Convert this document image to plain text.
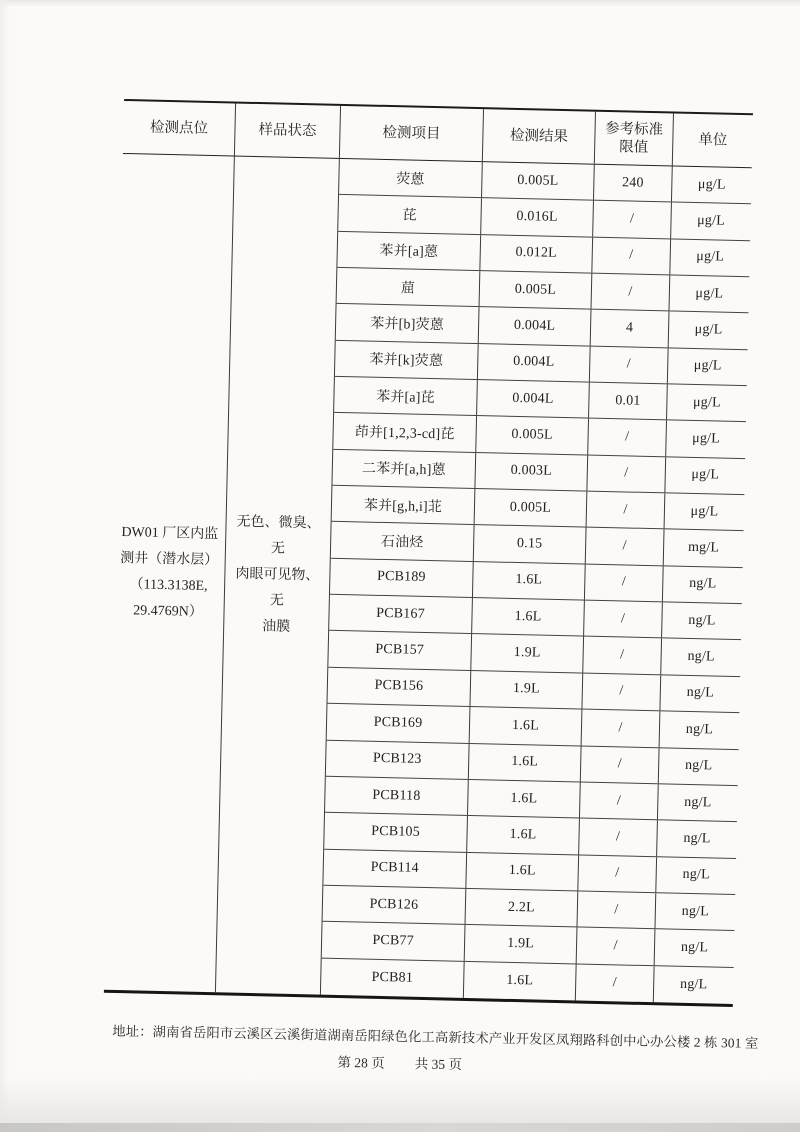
检测点位	样品状态	检测项目	检测结果	参考标准限值	单位
DW01 厂区内监
测井（潜水层）
（113.3138E,
29.4769N）
无色、微臭、无
肉眼可见物、无
油膜
荧蒽	0.005L	240	μg/L
芘	0.016L	/	μg/L
苯并[a]蒽	0.012L	/	μg/L
䓛	0.005L	/	μg/L
苯并[b]荧蒽	0.004L	4	μg/L
苯并[k]荧蒽	0.004L	/	μg/L
苯并[a]芘	0.004L	0.01	μg/L
茚并[1,2,3-cd]芘	0.005L	/	μg/L
二苯并[a,h]蒽	0.003L	/	μg/L
苯并[g,h,i]苝	0.005L	/	μg/L
石油烃	0.15	/	mg/L
PCB189	1.6L	/	ng/L
PCB167	1.6L	/	ng/L
PCB157	1.9L	/	ng/L
PCB156	1.9L	/	ng/L
PCB169	1.6L	/	ng/L
PCB123	1.6L	/	ng/L
PCB118	1.6L	/	ng/L
PCB105	1.6L	/	ng/L
PCB114	1.6L	/	ng/L
PCB126	2.2L	/	ng/L
PCB77	1.9L	/	ng/L
PCB81	1.6L	/	ng/L
地址：湖南省岳阳市云溪区云溪街道湖南岳阳绿色化工高新技术产业开发区凤翔路科创中心办公楼 2 栋 301 室
第 28 页 共 35 页
